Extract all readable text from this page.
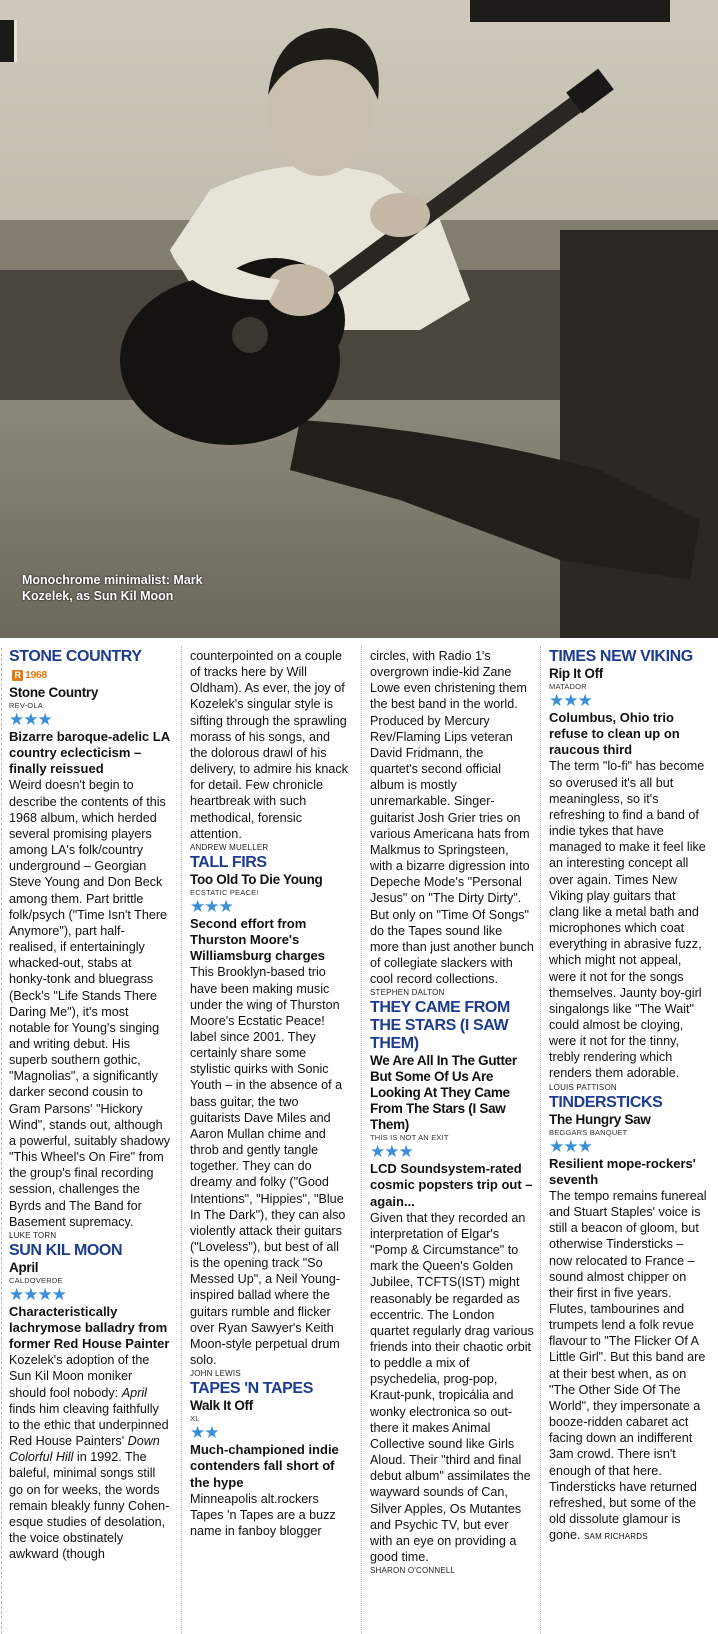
Monochrome minimalist: Mark Kozelek, as Sun Kil Moon

STONE COUNTRYR 1968

Stone Country

REV-OLA

★★★

Bizarre baroque-adelic LA country eclecticism – finally reissued

Weird doesn't begin to describe the contents of this 1968 album, which herded several promising players among LA's folk/country underground – Georgian Steve Young and Don Beck among them. Part brittle folk/psych ("Time Isn't There Anymore"), part half-realised, if entertainingly whacked-out, stabs at honky-tonk and bluegrass (Beck's "Life Stands There Daring Me"), it's most notable for Young's singing and writing debut. His superb southern gothic, "Magnolias", a significantly darker second cousin to Gram Parsons' "Hickory Wind", stands out, although a powerful, suitably shadowy "This Wheel's On Fire" from the group's final recording session, challenges the Byrds and The Band for Basement supremacy.

LUKE TORN

SUN KIL MOON

April

CALDOVERDE

★★★★

Characteristically lachrymose balladry from former Red House Painter

Kozelek's adoption of the Sun Kil Moon moniker should fool nobody: April finds him cleaving faithfully to the ethic that underpinned Red House Painters' Down Colorful Hill in 1992. The baleful, minimal songs still go on for weeks, the words remain bleakly funny Cohen-esque studies of desolation, the voice obstinately awkward (though

counterpointed on a couple of tracks here by Will Oldham). As ever, the joy of Kozelek's singular style is sifting through the sprawling morass of his songs, and the dolorous drawl of his delivery, to admire his knack for detail. Few chronicle heartbreak with such methodical, forensic attention.

ANDREW MUELLER

TALL FIRS

Too Old To Die Young

ECSTATIC PEACE!

★★★

Second effort from Thurston Moore's Williamsburg charges

This Brooklyn-based trio have been making music under the wing of Thurston Moore's Ecstatic Peace! label since 2001. They certainly share some stylistic quirks with Sonic Youth – in the absence of a bass guitar, the two guitarists Dave Miles and Aaron Mullan chime and throb and gently tangle together. They can do dreamy and folky ("Good Intentions", "Hippies", "Blue In The Dark"), they can also violently attack their guitars ("Loveless"), but best of all is the opening track "So Messed Up", a Neil Young-inspired ballad where the guitars rumble and flicker over Ryan Sawyer's Keith Moon-style perpetual drum solo.

JOHN LEWIS

TAPES 'N TAPES

Walk It Off

XL

★★

Much-championed indie contenders fall short of the hype

Minneapolis alt.rockers Tapes 'n Tapes are a buzz name in fanboy blogger

circles, with Radio 1's overgrown indie-kid Zane Lowe even christening them the best band in the world. Produced by Mercury Rev/Flaming Lips veteran David Fridmann, the quartet's second official album is mostly unremarkable. Singer-guitarist Josh Grier tries on various Americana hats from Malkmus to Springsteen, with a bizarre digression into Depeche Mode's "Personal Jesus" on "The Dirty Dirty". But only on "Time Of Songs" do the Tapes sound like more than just another bunch of collegiate slackers with cool record collections.

STEPHEN DALTON

THEY CAME FROM THE STARS (I SAW THEM)

We Are All In The Gutter But Some Of Us Are Looking At They Came From The Stars (I Saw Them)

THIS IS NOT AN EXIT

★★★

LCD Soundsystem-rated cosmic popsters trip out – again...

Given that they recorded an interpretation of Elgar's "Pomp & Circumstance" to mark the Queen's Golden Jubilee, TCFTS(IST) might reasonably be regarded as eccentric. The London quartet regularly drag various friends into their chaotic orbit to peddle a mix of psychedelia, prog-pop, Kraut-punk, tropicália and wonky electronica so out-there it makes Animal Collective sound like Girls Aloud. Their "third and final debut album" assimilates the wayward sounds of Can, Silver Apples, Os Mutantes and Psychic TV, but ever with an eye on providing a good time.

SHARON O'CONNELL

TIMES NEW VIKING

Rip It Off

MATADOR

★★★

Columbus, Ohio trio refuse to clean up on raucous third

The term "lo-fi" has become so overused it's all but meaningless, so it's refreshing to find a band of indie tykes that have managed to make it feel like an interesting concept all over again. Times New Viking play guitars that clang like a metal bath and microphones which coat everything in abrasive fuzz, which might not appeal, were it not for the songs themselves. Jaunty boy-girl singalongs like "The Wait" could almost be cloying, were it not for the tinny, trebly rendering which renders them adorable.

LOUIS PATTISON

TINDERSTICKS

The Hungry Saw

BEGGARS BANQUET

★★★

Resilient mope-rockers' seventh

The tempo remains funereal and Stuart Staples' voice is still a beacon of gloom, but otherwise Tindersticks – now relocated to France – sound almost chipper on their first in five years. Flutes, tambourines and trumpets lend a folk revue flavour to "The Flicker Of A Little Girl". But this band are at their best when, as on "The Other Side Of The World", they impersonate a booze-ridden cabaret act facing down an indifferent 3am crowd. There isn't enough of that here. Tindersticks have returned refreshed, but some of the old dissolute glamour is gone. SAM RICHARDS
